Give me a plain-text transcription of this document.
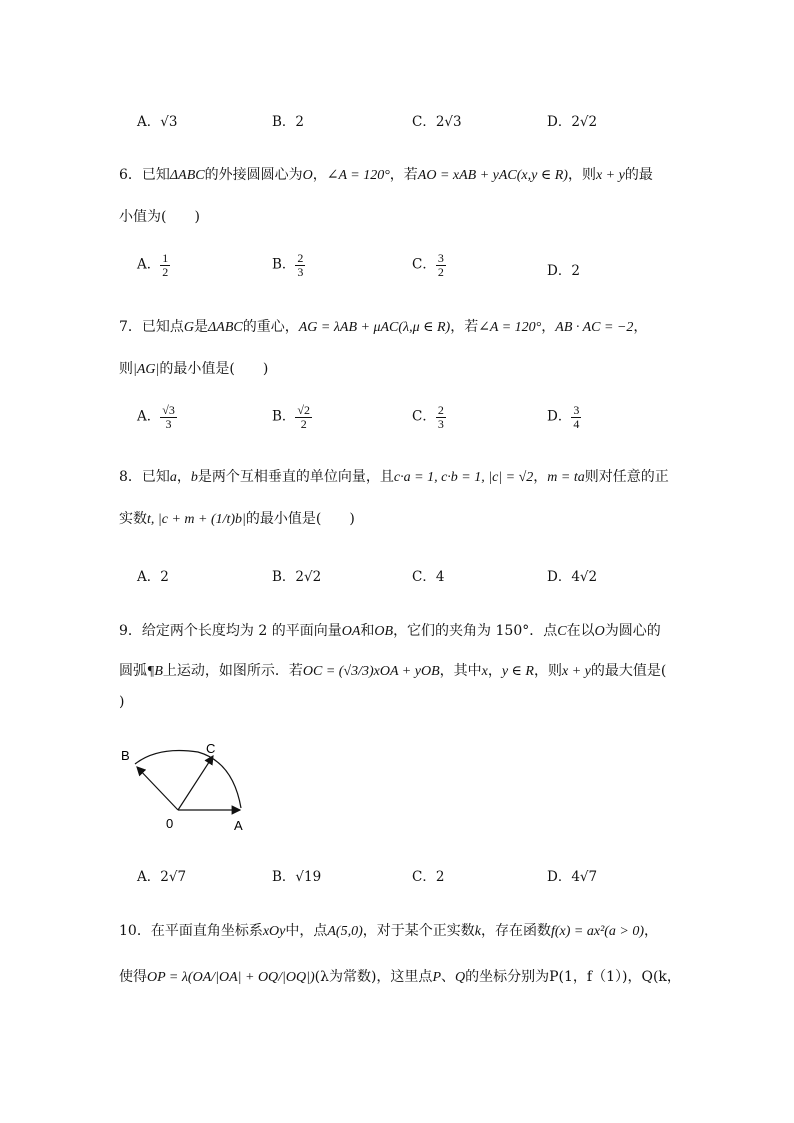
A．√3	B．2	C．2√3	D．2√2
6．已知ΔABC的外接圆圆心为O，∠A = 120°，若AO = xAB + yAC(x,y ∈ R)，则x + y的最
小值为(　　)
A． $\frac{1}{2}$	B． $\frac{2}{3}$	C． $\frac{3}{2}$	D．2
7．已知点G是ΔABC的重心，AG = λAB + μAC(λ,μ ∈ R)，若∠A = 120°，AB · AC = −2，
则|AG|的最小值是(　　)
A． $\frac{√3}{3}$	B． $\frac{√2}{2}$	C． $\frac{2}{3}$	D． $\frac{3}{4}$
8．已知a，b是两个互相垂直的单位向量，且c·a = 1, c·b = 1, |c| = √2，m = ta则对任意的正
实数t, |c + m + (1/t)b|的最小值是(　　)
A．2	B．2√2	C．4	D．4√2
9．给定两个长度均为 2 的平面向量OA和OB，它们的夹角为 150°．点C在以O为圆心的
圆弧¶B上运动，如图所示．若OC = (√3/3)xOA + yOB，其中x，y ∈ R，则x + y的最大值是(
)
B	C
0	A
A．2√7	B．√19	C．2	D．4√7
10．在平面直角坐标系xOy中，点A(5,0)，对于某个正实数k，存在函数f(x) = ax²(a > 0)，
使得OP = λ(OA/|OA| + OQ/|OQ|)(λ为常数)，这里点P、Q的坐标分别为P(1，f（1）)，Q(k，
